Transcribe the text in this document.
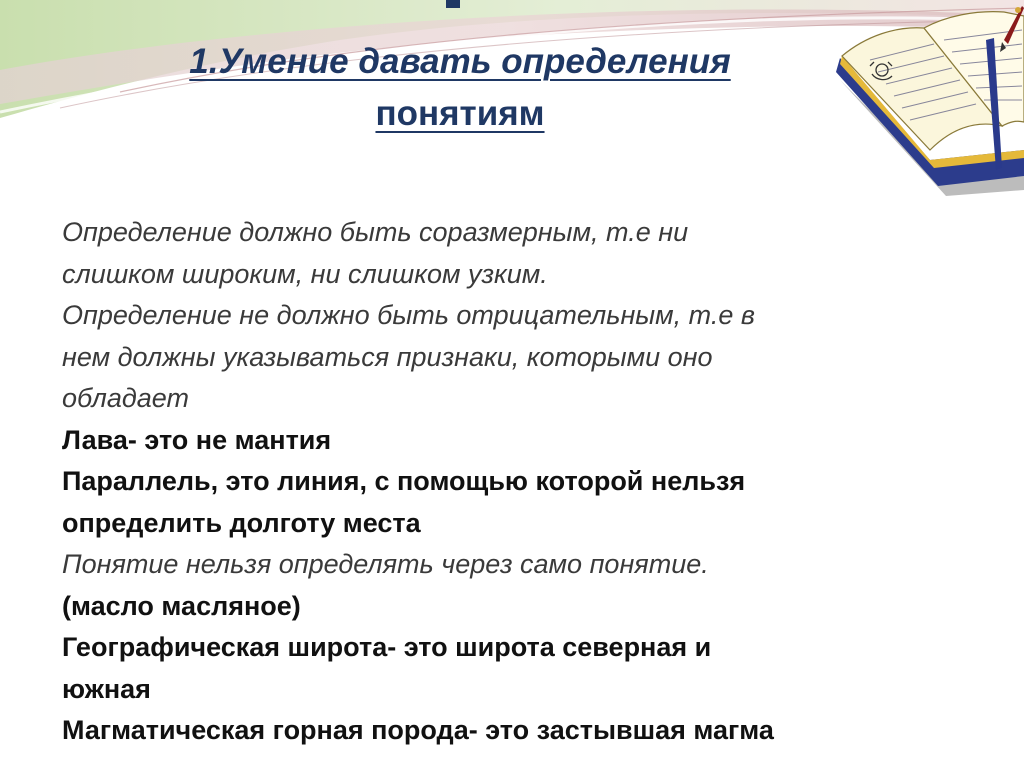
1.Умение давать определения
понятиям

Определение должно быть соразмерным, т.е ни

слишком широким, ни слишком узким.

Определение не должно быть отрицательным, т.е в

нем должны указываться признаки, которыми оно

обладает

Лава- это не мантия

Параллель, это линия, с помощью которой нельзя

определить долготу места

Понятие нельзя определять через само понятие.

(масло масляное)

Географическая широта- это широта северная и

южная

Магматическая горная порода- это застывшая магма
